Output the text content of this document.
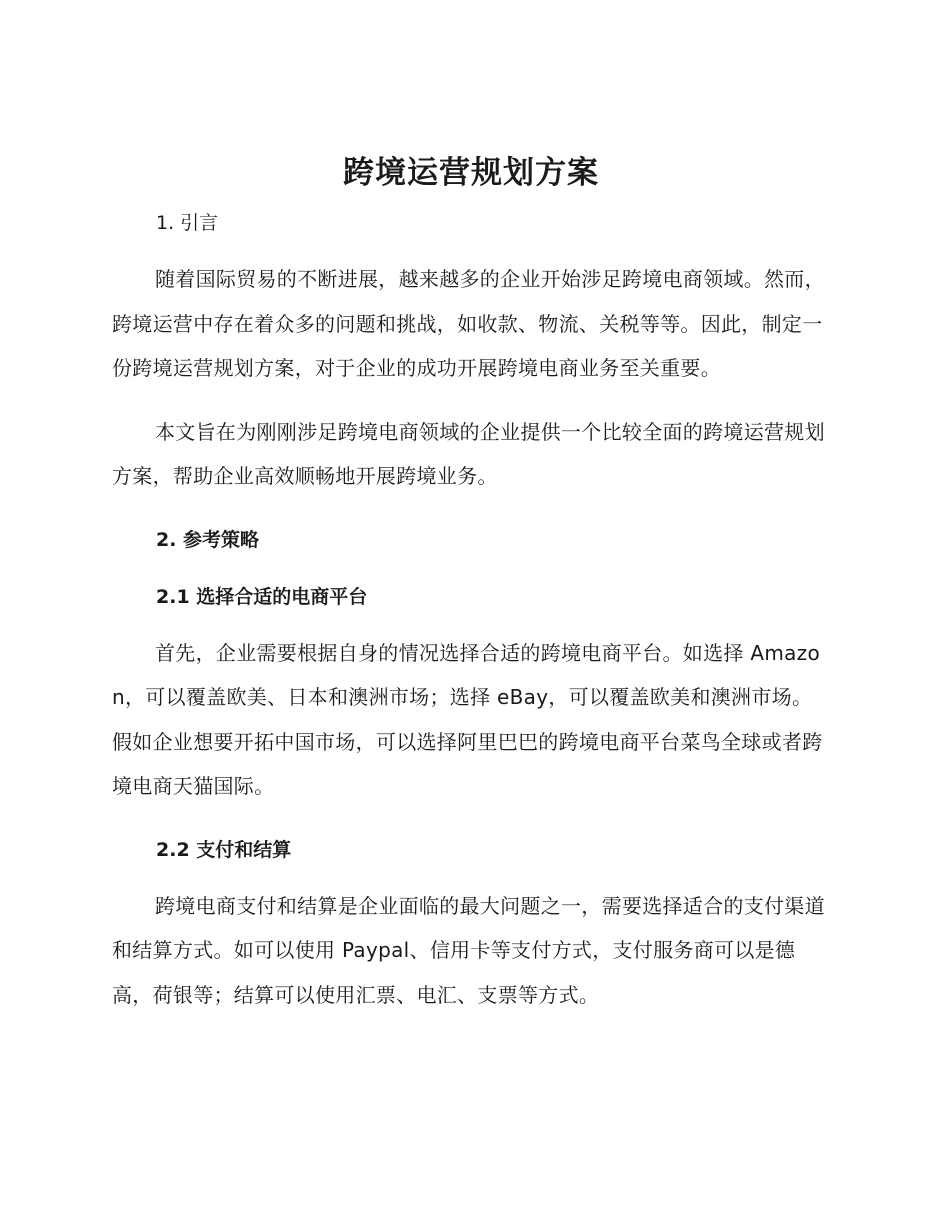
跨境运营规划方案
1. 引言

随着国际贸易的不断进展，越来越多的企业开始涉足跨境电商领域。然而，跨境运营中存在着众多的问题和挑战，如收款、物流、关税等等。因此，制定一份跨境运营规划方案，对于企业的成功开展跨境电商业务至关重要。

本文旨在为刚刚涉足跨境电商领域的企业提供一个比较全面的跨境运营规划方案，帮助企业高效顺畅地开展跨境业务。

2. 参考策略
2.1 选择合适的电商平台

首先，企业需要根据自身的情况选择合适的跨境电商平台。如选择 Amazon，可以覆盖欧美、日本和澳洲市场；选择 eBay，可以覆盖欧美和澳洲市场。假如企业想要开拓中国市场，可以选择阿里巴巴的跨境电商平台菜鸟全球或者跨境电商天猫国际。

2.2 支付和结算

跨境电商支付和结算是企业面临的最大问题之一，需要选择适合的支付渠道和结算方式。如可以使用 Paypal、信用卡等支付方式，支付服务商可以是德高，荷银等；结算可以使用汇票、电汇、支票等方式。
